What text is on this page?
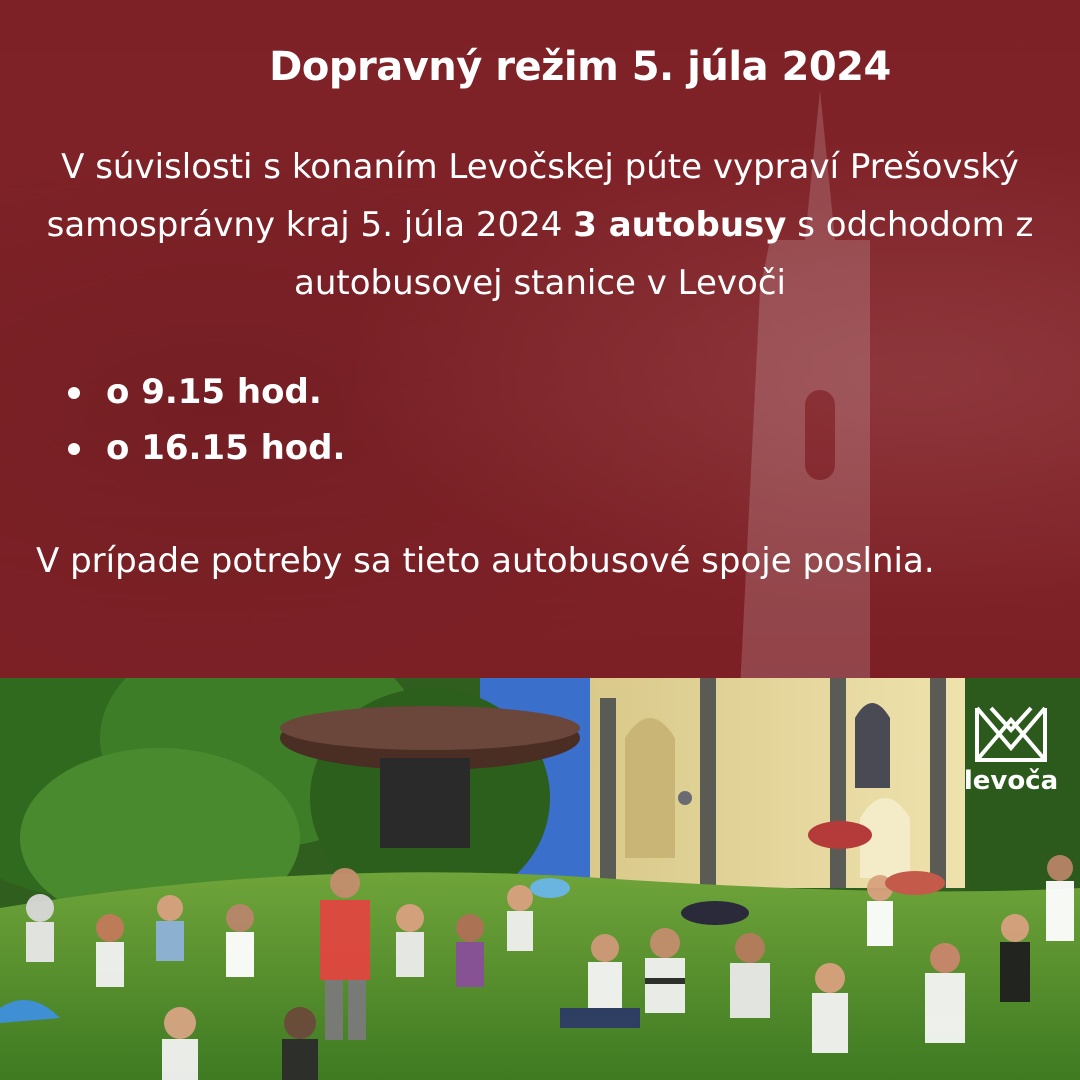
Dopravný režim 5. júla 2024
V súvislosti s konaním Levočskej púte vypraví Prešovský samosprávny kraj 5. júla 2024 3 autobusy s odchodom z autobusovej stanice v Levoči
o 9.15 hod.
o 16.15 hod.
V prípade potreby sa tieto autobusové spoje poslnia.
levoča
